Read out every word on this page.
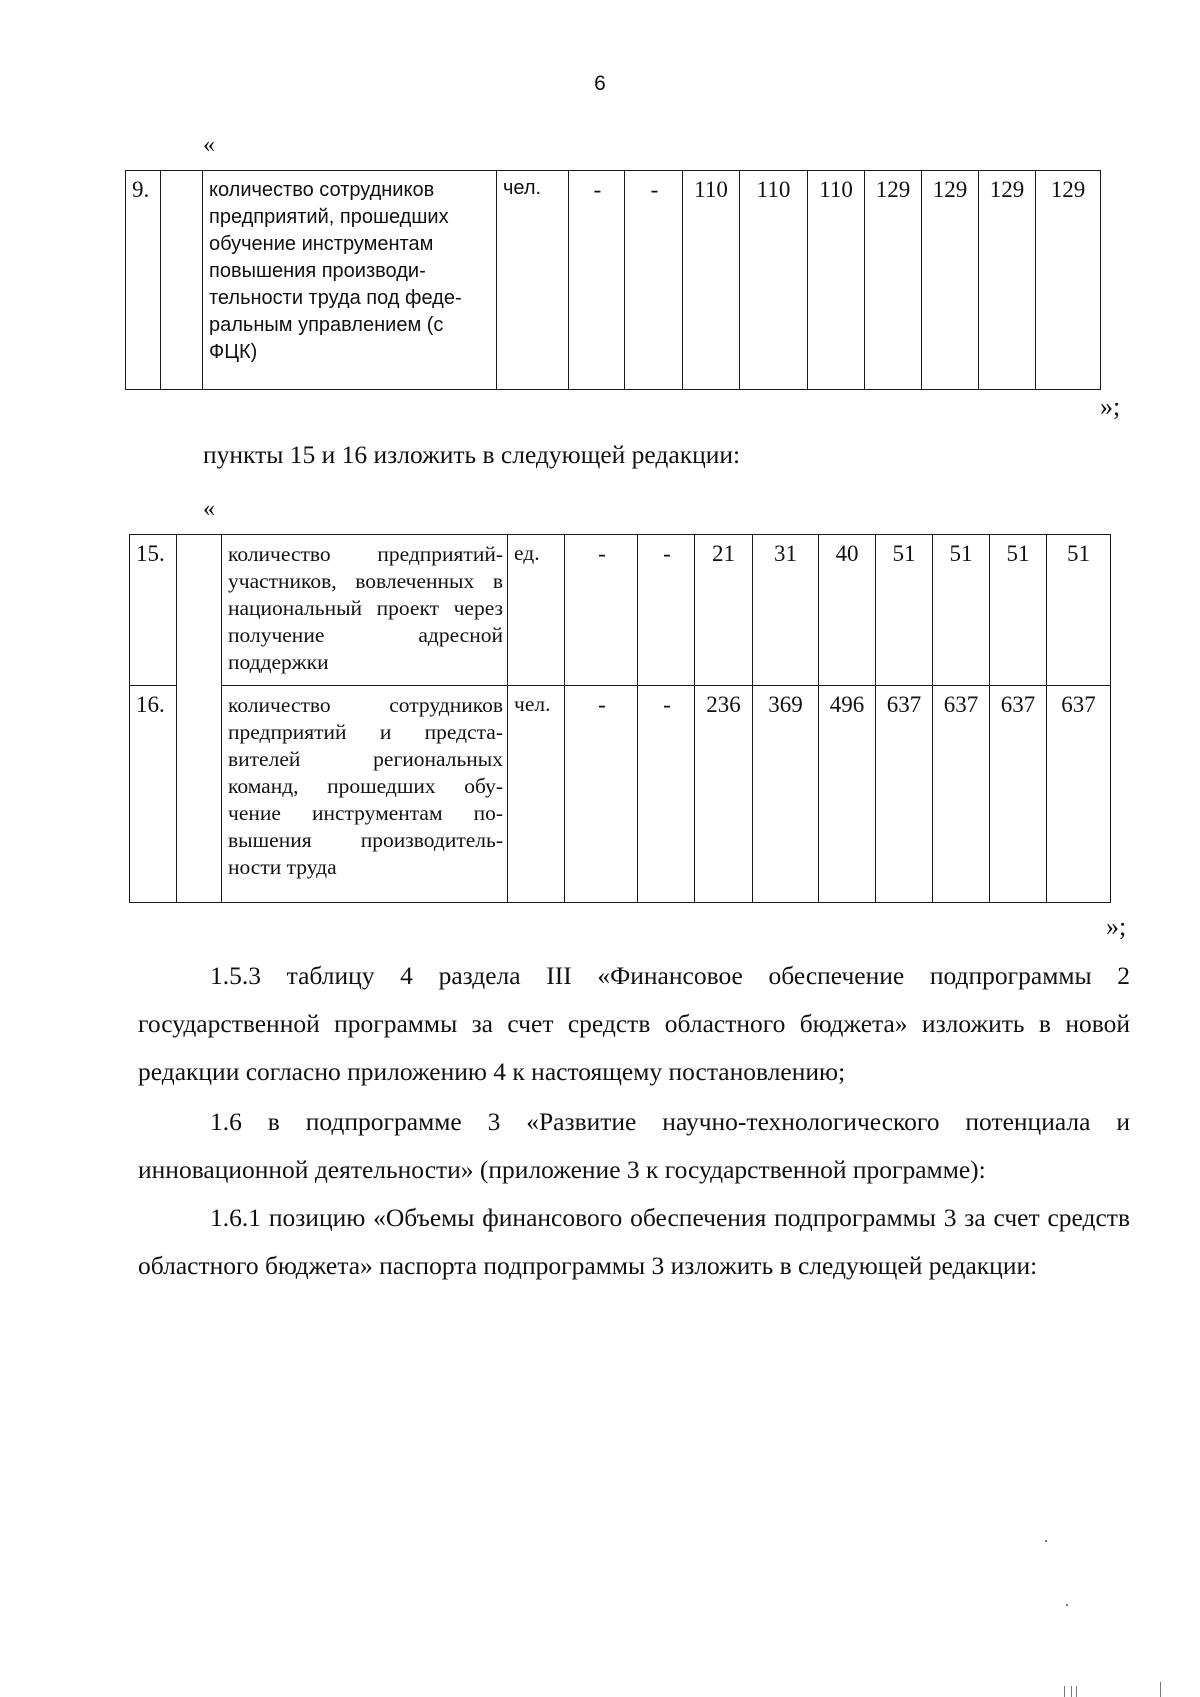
6
«
9.		количество сотрудников предприятий, прошедших обучение инструментам повышения производи-тельности труда под феде-ральным управлением (с ФЦК)	чел.	-	-	110	110	110	129	129	129	129
»;
пункты 15 и 16 изложить в следующей редакции:
«
15.		количество предприятий-участников, вовлеченных в национальный проект через получение адресной поддержки	ед.	-	-	21	31	40	51	51	51	51
16.		количество сотрудников предприятий и предста-вителей региональных команд, прошедших обу-чение инструментам по-вышения производитель-ности труда	чел.	-	-	236	369	496	637	637	637	637
»;
1.5.3 таблицу 4 раздела III «Финансовое обеспечение подпрограммы 2 государственной программы за счет средств областного бюджета» изложить в новой редакции согласно приложению 4 к настоящему постановлению;
1.6 в подпрограмме 3 «Развитие научно-технологического потенциала и инновационной деятельности» (приложение 3 к государственной программе):
1.6.1 позицию «Объемы финансового обеспечения подпрограммы 3 за счет средств областного бюджета» паспорта подпрограммы 3 изложить в следующей редакции:
